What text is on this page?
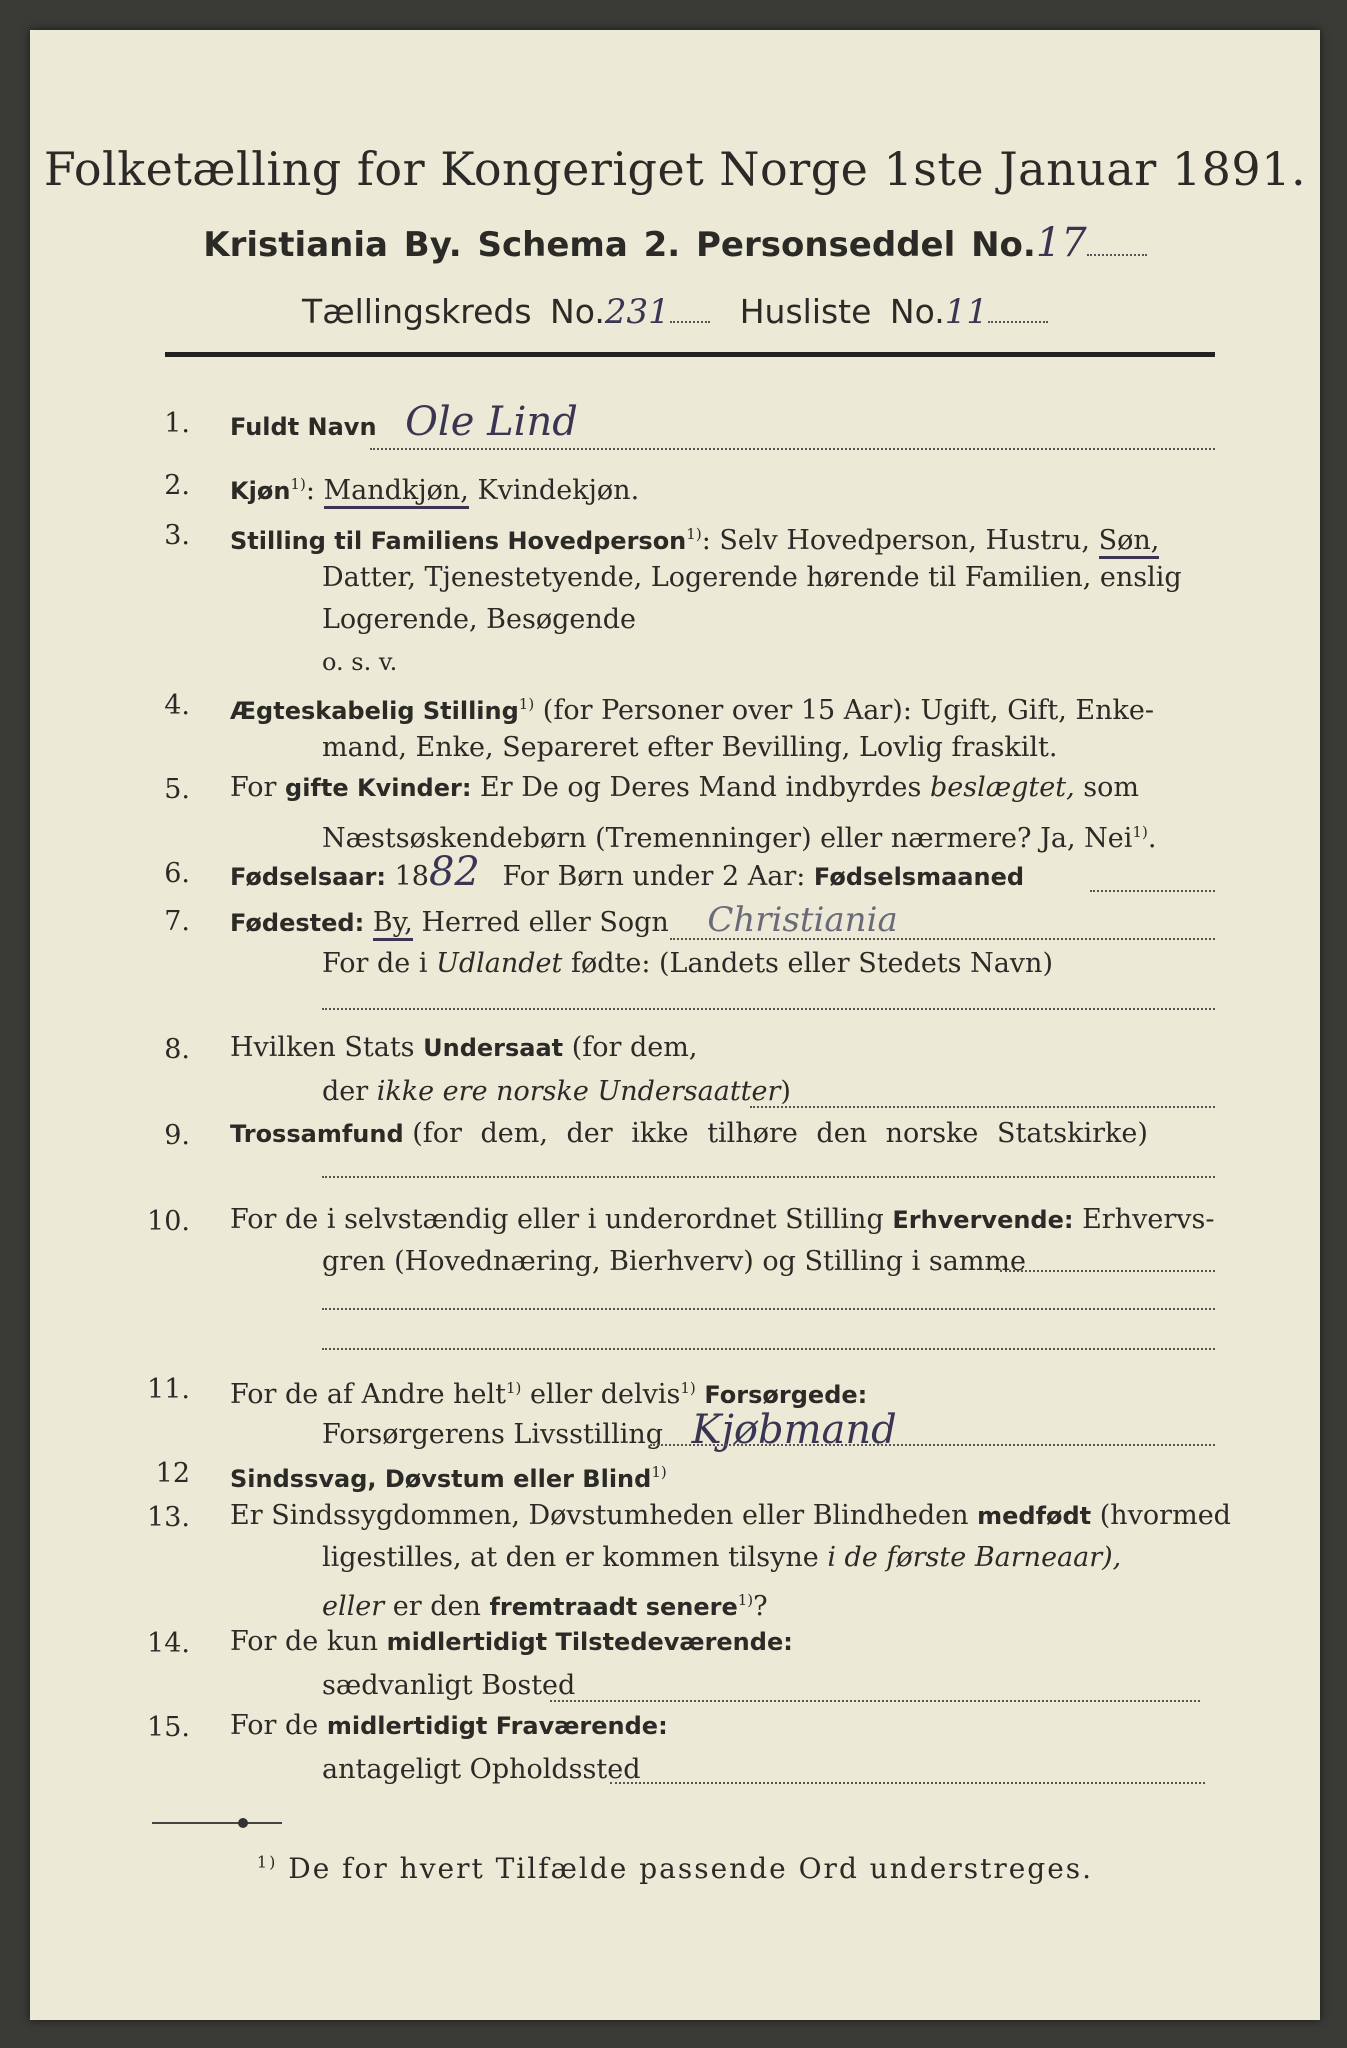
Folketælling for Kongeriget Norge 1ste Januar 1891.
Kristiania By. Schema 2. Personseddel No.17
Tællingskreds No.231 Husliste No.11
1. Fuldt Navn Ole Lind
2. Kjøn$^{1)}$: Mandkjøn, Kvindekjøn.
3. Stilling til Familiens Hovedperson$^{1)}$: Selv Hovedperson, Hustru, Søn,
Datter, Tjenestetyende, Logerende hørende til Familien, enslig
Logerende, Besøgende
o. s. v.
4. Ægteskabelig Stilling$^{1)}$ (for Personer over 15 Aar): Ugift, Gift, Enke-
mand, Enke, Separeret efter Bevilling, Lovlig fraskilt.
5. For gifte Kvinder: Er De og Deres Mand indbyrdes beslægtet, som
Næstsøskendebørn (Tremenninger) eller nærmere? Ja, Nei$^{1)}$.
6. Fødselsaar: 1882 For Børn under 2 Aar: Fødselsmaaned
7. Fødested: By, Herred eller Sogn Christiania
For de i Udlandet fødte: (Landets eller Stedets Navn)
8. Hvilken Stats Undersaat (for dem,
der ikke ere norske Undersaatter)
9. Trossamfund (for dem, der ikke tilhøre den norske Statskirke)
10. For de i selvstændig eller i underordnet Stilling Erhvervende: Erhvervs-
gren (Hovednæring, Bierhverv) og Stilling i samme
11. For de af Andre helt$^{1)}$ eller delvis$^{1)}$ Forsørgede:
Forsørgerens Livsstilling Kjøbmand
12 Sindssvag, Døvstum eller Blind$^{1)}$
13. Er Sindssygdommen, Døvstumheden eller Blindheden medfødt (hvormed
ligestilles, at den er kommen tilsyne i de første Barneaar),
eller er den fremtraadt senere$^{1)}$?
14. For de kun midlertidigt Tilstedeværende:
sædvanligt Bosted
15. For de midlertidigt Fraværende:
antageligt Opholdssted
$^{1)}$ De for hvert Tilfælde passende Ord understreges.
